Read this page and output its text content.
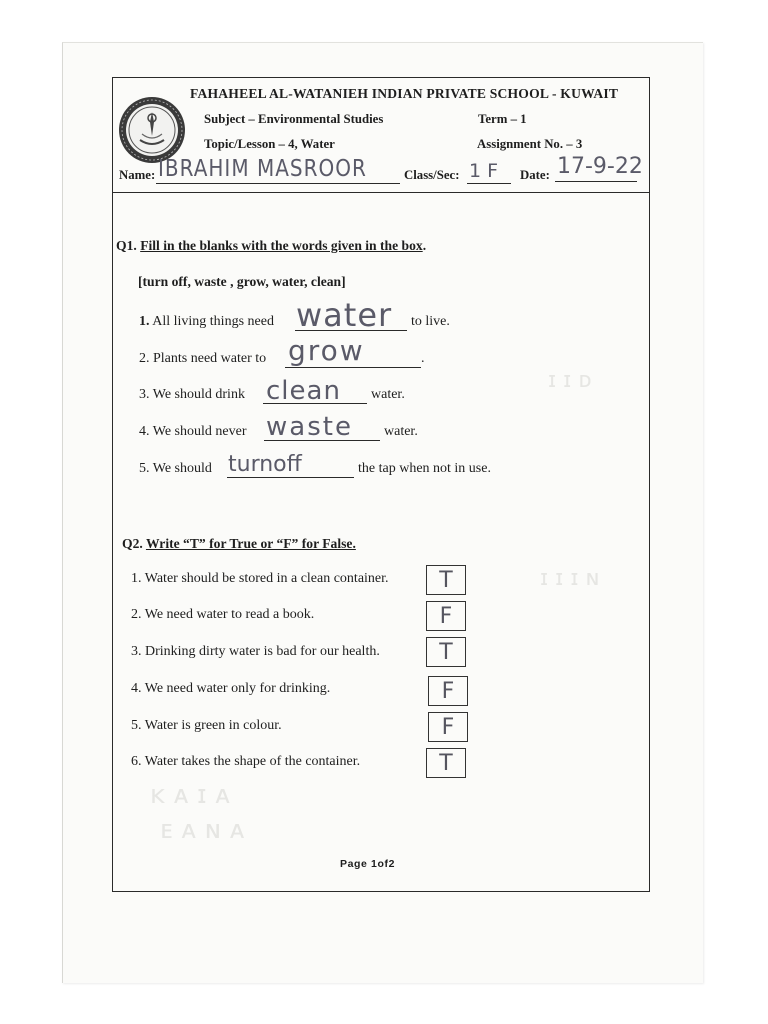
ɪ ɪ ᴅ
ɪ ɪ ɪ ɴ
ᴋ ᴀ ɪ ᴀ
ᴇ ᴀ ɴ ᴀ
FAHAHEEL AL-WATANIEH INDIAN PRIVATE SCHOOL - KUWAIT
Subject – Environmental Studies	Term – 1
Topic/Lesson – 4, Water	Assignment No. – 3
Name: IBRAHIM MASROOR	Class/Sec: 1 F Date: 17-9-22
Q1. Fill in the blanks with the words given in the box.
[turn off, waste , grow, water, clean]
1. All living things need water to live.
2. Plants need water to grow	.
3. We should drink clean water.
4. We should never waste water.
5. We should turnoff	the tap when not in use.
Q2. Write “T” for True or “F” for False.
1. Water should be stored in a clean container.	T
2. We need water to read a book.	F
3. Drinking dirty water is bad for our health.	T
4. We need water only for drinking.	F
5. Water is green in colour.	F
6. Water takes the shape of the container.	T
Page 1of2
